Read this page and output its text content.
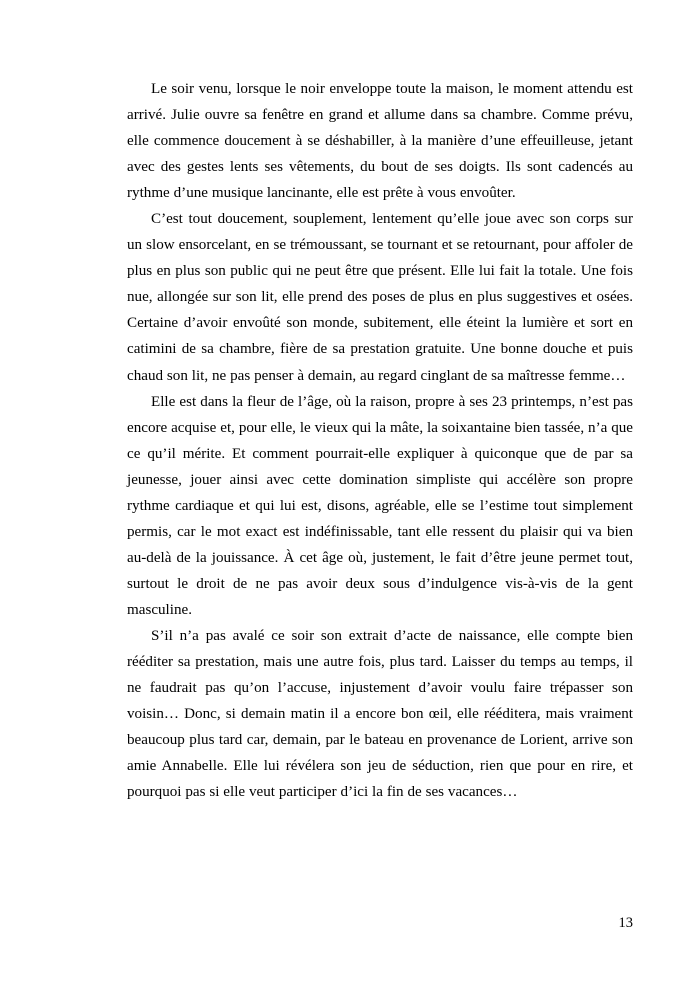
Le soir venu, lorsque le noir enveloppe toute la maison, le moment attendu est arrivé. Julie ouvre sa fenêtre en grand et allume dans sa chambre. Comme prévu, elle commence doucement à se déshabiller, à la manière d’une effeuilleuse, jetant avec des gestes lents ses vêtements, du bout de ses doigts. Ils sont cadencés au rythme d’une musique lancinante, elle est prête à vous envoûter.

C’est tout doucement, souplement, lentement qu’elle joue avec son corps sur un slow ensorcelant, en se trémoussant, se tournant et se retournant, pour affoler de plus en plus son public qui ne peut être que présent. Elle lui fait la totale. Une fois nue, allongée sur son lit, elle prend des poses de plus en plus suggestives et osées. Certaine d’avoir envoûté son monde, subitement, elle éteint la lumière et sort en catimini de sa chambre, fière de sa prestation gratuite. Une bonne douche et puis chaud son lit, ne pas penser à demain, au regard cinglant de sa maîtresse femme…

Elle est dans la fleur de l’âge, où la raison, propre à ses 23 printemps, n’est pas encore acquise et, pour elle, le vieux qui la mâte, la soixantaine bien tassée, n’a que ce qu’il mérite. Et comment pourrait-elle expliquer à quiconque que de par sa jeunesse, jouer ainsi avec cette domination simpliste qui accélère son propre rythme cardiaque et qui lui est, disons, agréable, elle se l’estime tout simplement permis, car le mot exact est indéfinissable, tant elle ressent du plaisir qui va bien au-delà de la jouissance. À cet âge où, justement, le fait d’être jeune permet tout, surtout le droit de ne pas avoir deux sous d’indulgence vis-à-vis de la gent masculine.

S’il n’a pas avalé ce soir son extrait d’acte de naissance, elle compte bien rééditer sa prestation, mais une autre fois, plus tard. Laisser du temps au temps, il ne faudrait pas qu’on l’accuse, injustement d’avoir voulu faire trépasser son voisin… Donc, si demain matin il a encore bon œil, elle rééditera, mais vraiment beaucoup plus tard car, demain, par le bateau en provenance de Lorient, arrive son amie Annabelle. Elle lui révélera son jeu de séduction, rien que pour en rire, et pourquoi pas si elle veut participer d’ici la fin de ses vacances…

13
